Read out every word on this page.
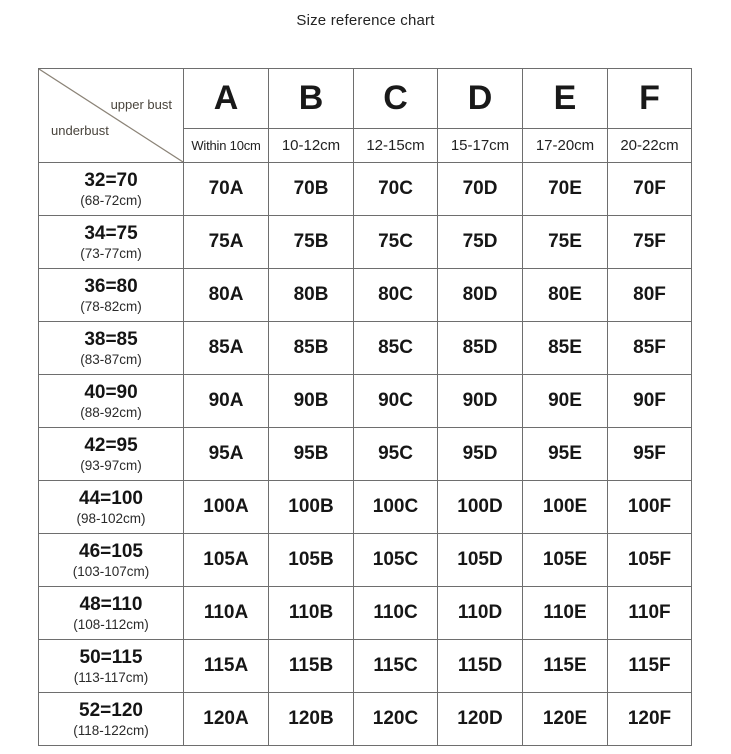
Size reference chart
upper bust
underbust	A	B	C	D	E	F
	Within 10cm	10-12cm	12-15cm	15-17cm	17-20cm	20-22cm

32=70
(68-72cm)	70A	70B	70C	70D	70E	70F

34=75
(73-77cm)	75A	75B	75C	75D	75E	75F

36=80
(78-82cm)	80A	80B	80C	80D	80E	80F

38=85
(83-87cm)	85A	85B	85C	85D	85E	85F

40=90
(88-92cm)	90A	90B	90C	90D	90E	90F

42=95
(93-97cm)	95A	95B	95C	95D	95E	95F

44=100
(98-102cm)	100A	100B	100C	100D	100E	100F

46=105
(103-107cm)	105A	105B	105C	105D	105E	105F

48=110
(108-112cm)	110A	110B	110C	110D	110E	110F

50=115
(113-117cm)	115A	115B	115C	115D	115E	115F

52=120
(118-122cm)	120A	120B	120C	120D	120E	120F
